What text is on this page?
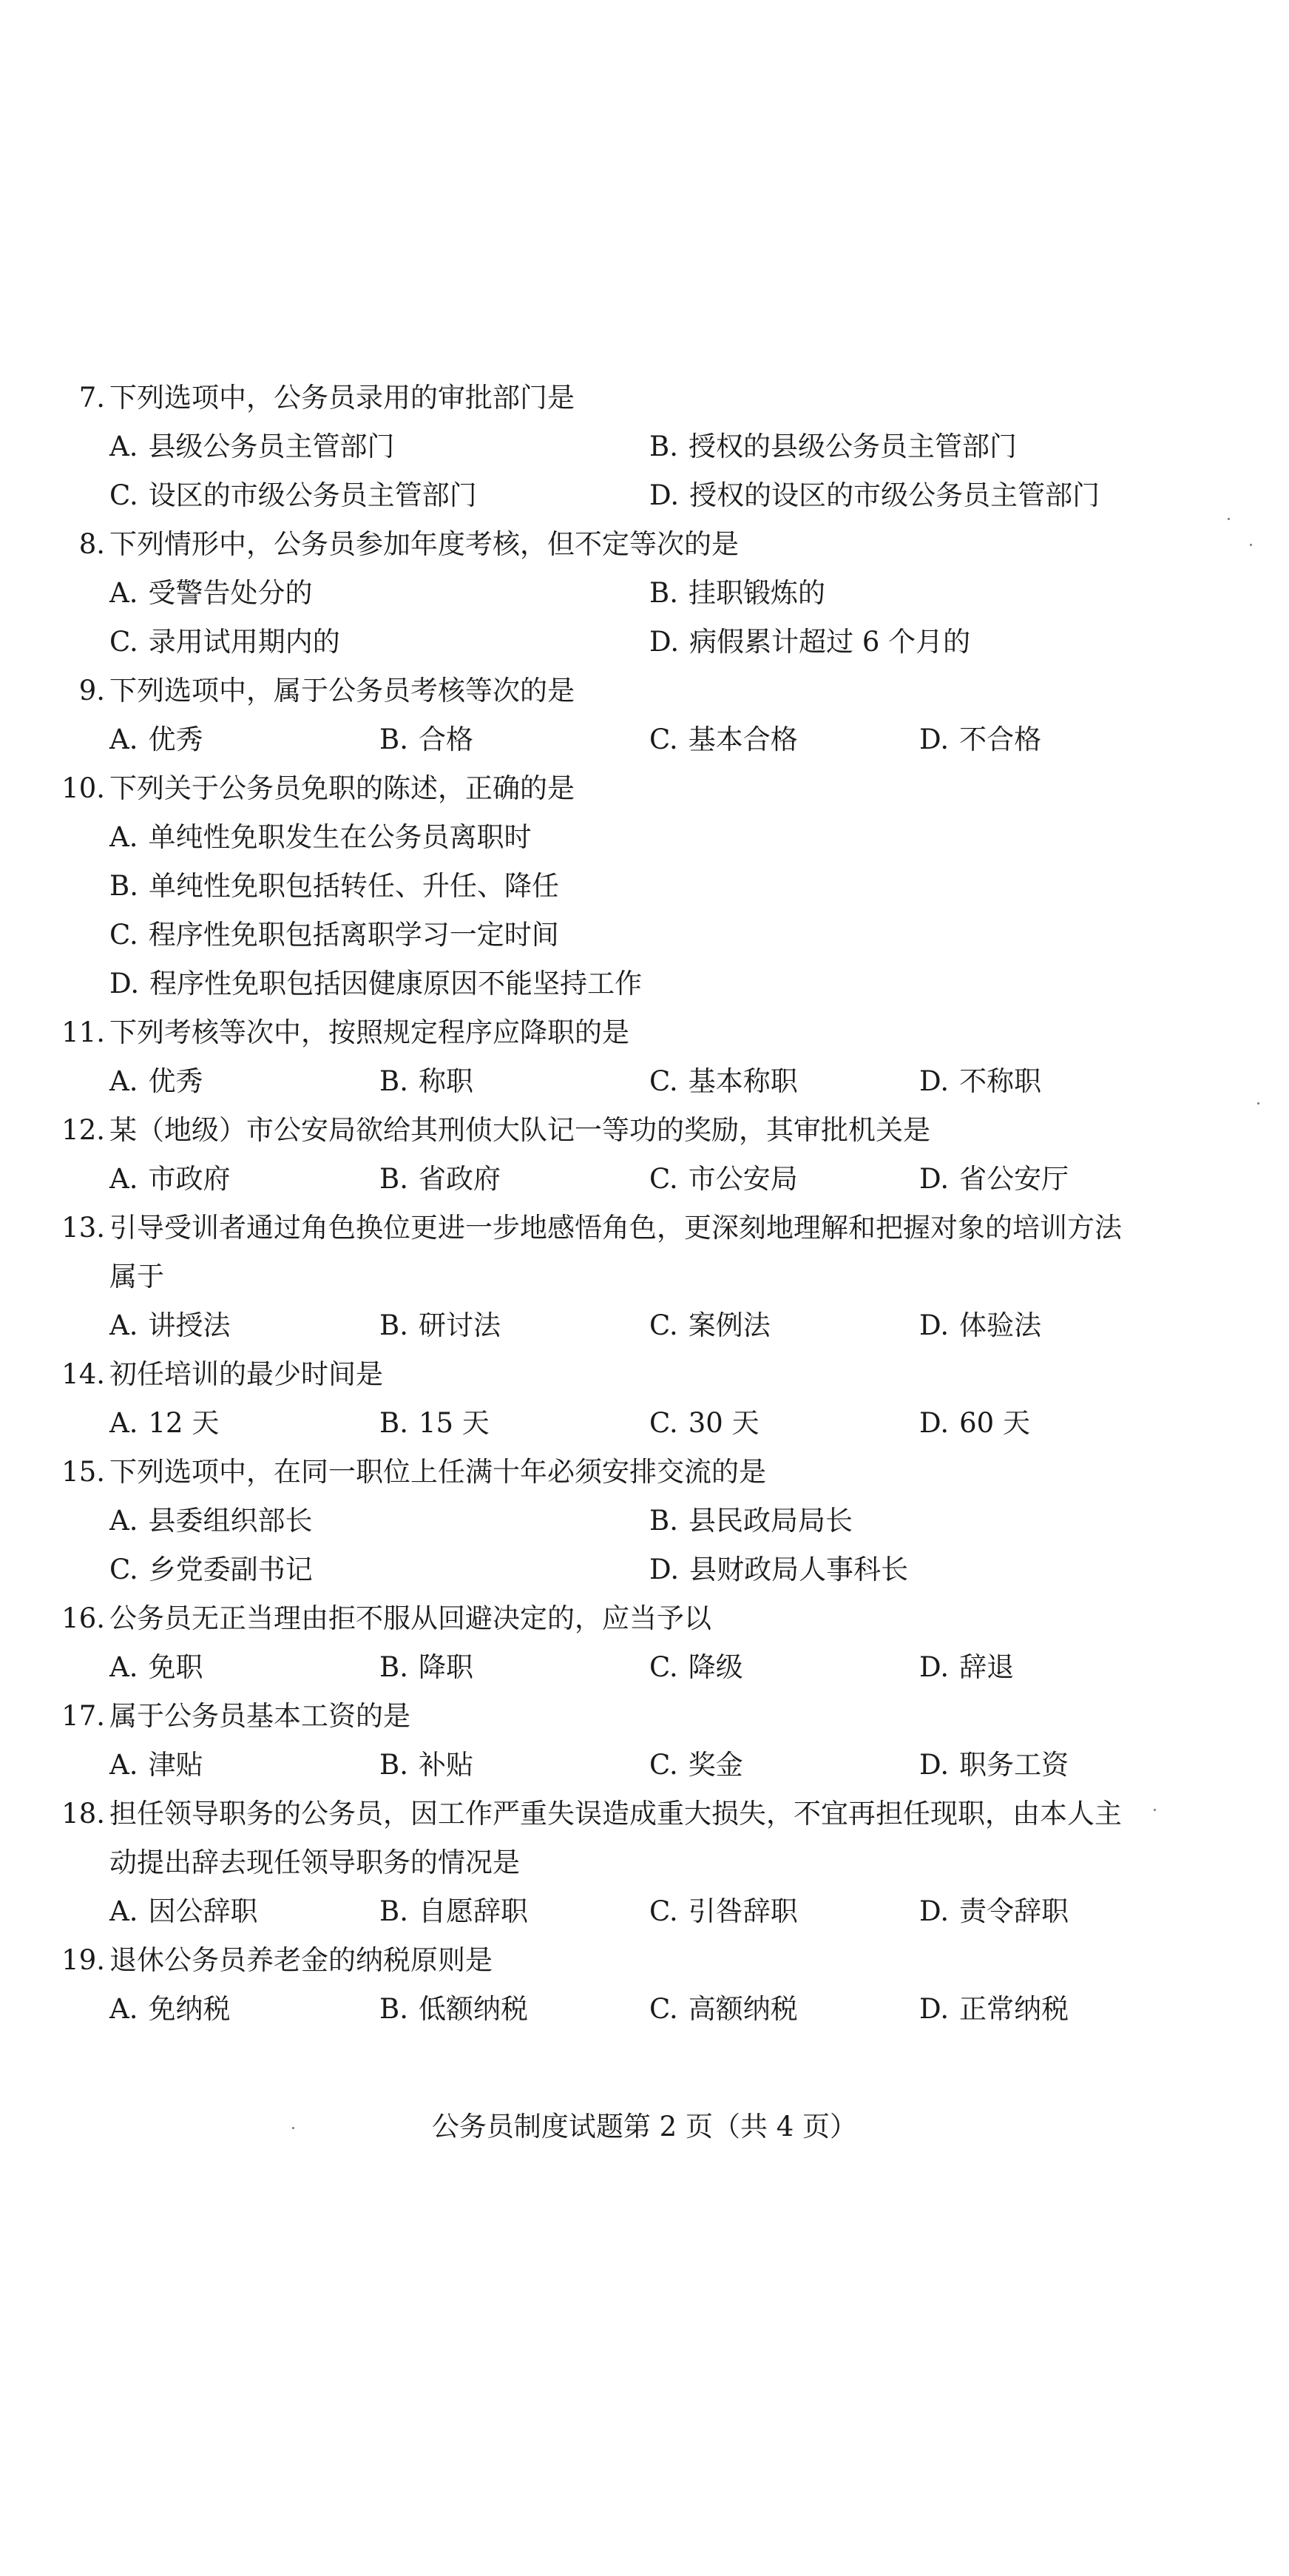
7. 下列选项中，公务员录用的审批部门是
A. 县级公务员主管部门	B. 授权的县级公务员主管部门
C. 设区的市级公务员主管部门	D. 授权的设区的市级公务员主管部门
8. 下列情形中，公务员参加年度考核，但不定等次的是
A. 受警告处分的	B. 挂职锻炼的
C. 录用试用期内的	D. 病假累计超过 6 个月的
9. 下列选项中，属于公务员考核等次的是
A. 优秀	B. 合格	C. 基本合格	D. 不合格
10. 下列关于公务员免职的陈述，正确的是
A. 单纯性免职发生在公务员离职时
B. 单纯性免职包括转任、升任、降任
C. 程序性免职包括离职学习一定时间
D. 程序性免职包括因健康原因不能坚持工作
11. 下列考核等次中，按照规定程序应降职的是
A. 优秀	B. 称职	C. 基本称职	D. 不称职
12. 某（地级）市公安局欲给其刑侦大队记一等功的奖励，其审批机关是
A. 市政府	B. 省政府	C. 市公安局	D. 省公安厅
13. 引导受训者通过角色换位更进一步地感悟角色，更深刻地理解和把握对象的培训方法
属于
A. 讲授法	B. 研讨法	C. 案例法	D. 体验法
14. 初任培训的最少时间是
A. 12 天	B. 15 天	C. 30 天	D. 60 天
15. 下列选项中，在同一职位上任满十年必须安排交流的是
A. 县委组织部长	B. 县民政局局长
C. 乡党委副书记	D. 县财政局人事科长
16. 公务员无正当理由拒不服从回避决定的，应当予以
A. 免职	B. 降职	C. 降级	D. 辞退
17. 属于公务员基本工资的是
A. 津贴	B. 补贴	C. 奖金	D. 职务工资
18. 担任领导职务的公务员，因工作严重失误造成重大损失，不宜再担任现职，由本人主
动提出辞去现任领导职务的情况是
A. 因公辞职	B. 自愿辞职	C. 引咎辞职	D. 责令辞职
19. 退休公务员养老金的纳税原则是
A. 免纳税	B. 低额纳税	C. 高额纳税	D. 正常纳税
公务员制度试题第 2 页（共 4 页）
